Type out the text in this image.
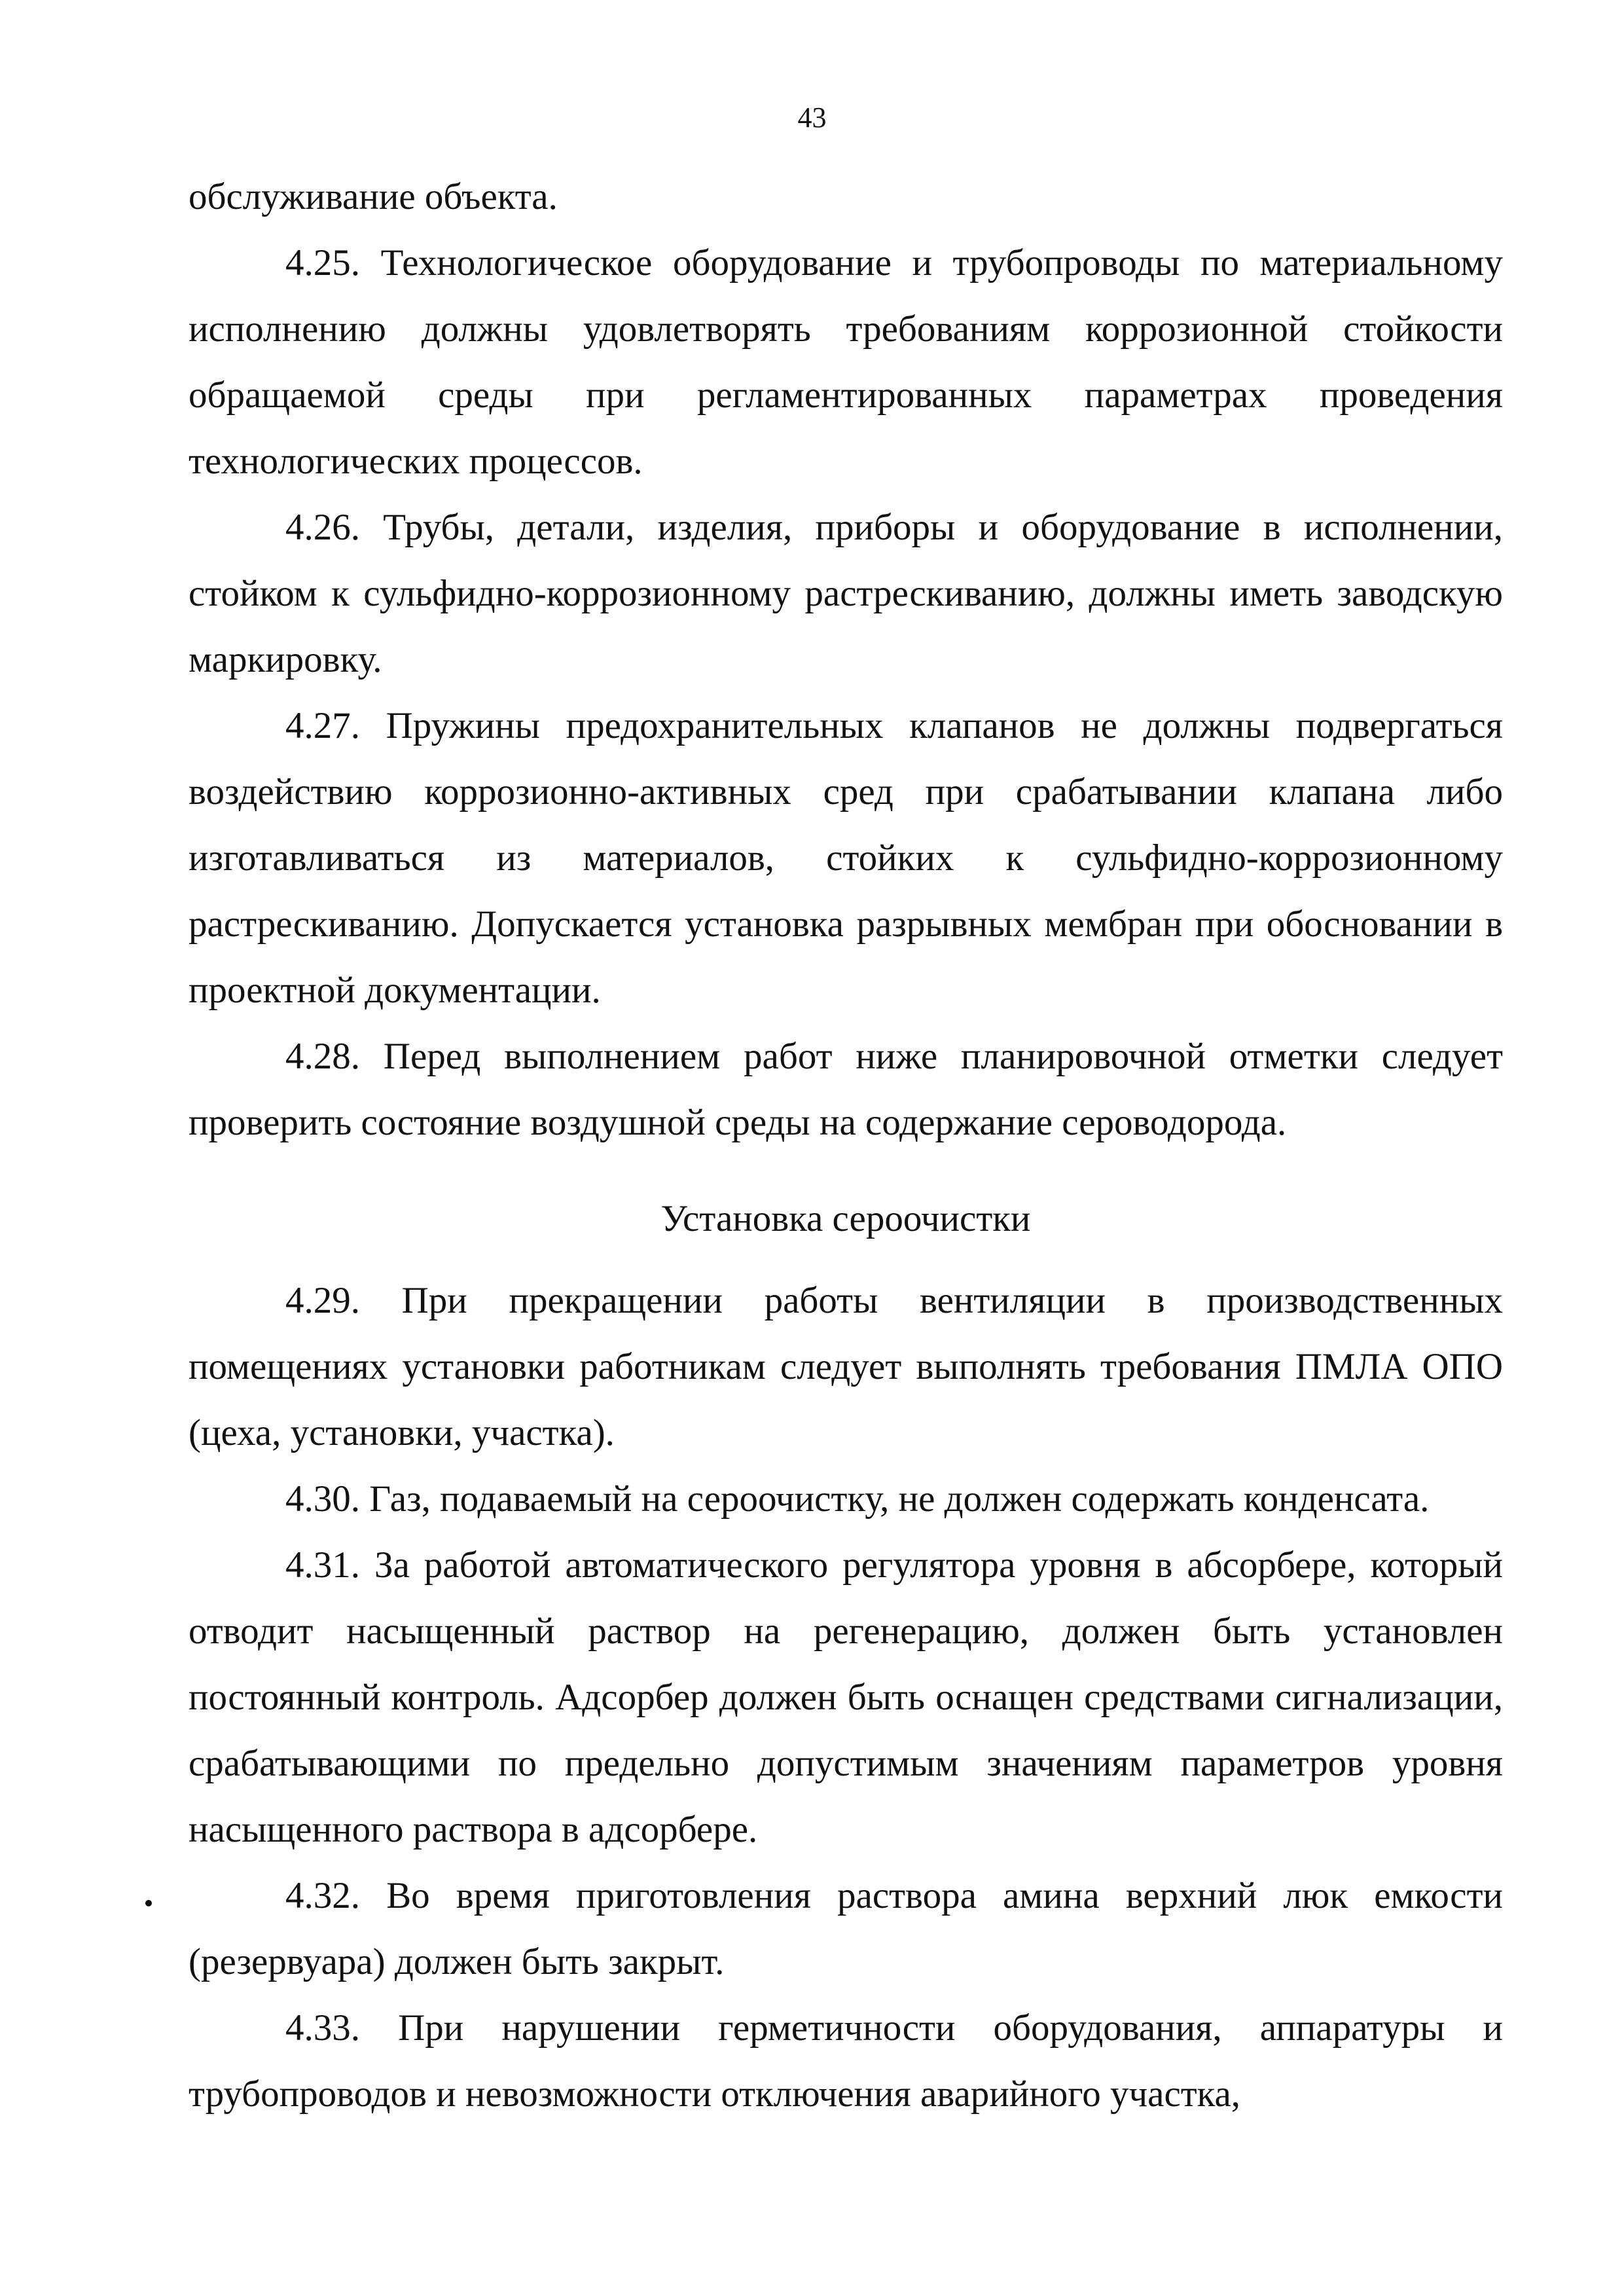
43

обслуживание объекта.

4.25. Технологическое оборудование и трубопроводы по материальному исполнению должны удовлетворять требованиям коррозионной стойкости обращаемой среды при регламентированных параметрах проведения технологических процессов.

4.26. Трубы, детали, изделия, приборы и оборудование в исполнении, стойком к сульфидно-коррозионному растрескиванию, должны иметь заводскую маркировку.

4.27. Пружины предохранительных клапанов не должны подвергаться воздействию коррозионно-активных сред при срабатывании клапана либо изготавливаться из материалов, стойких к сульфидно-коррозионному растрескиванию. Допускается установка разрывных мембран при обосновании в проектной документации.

4.28. Перед выполнением работ ниже планировочной отметки следует проверить состояние воздушной среды на содержание сероводорода.

Установка сероочистки

4.29. При прекращении работы вентиляции в производственных помещениях установки работникам следует выполнять требования ПМЛА ОПО (цеха, установки, участка).

4.30. Газ, подаваемый на сероочистку, не должен содержать конденсата.

4.31. За работой автоматического регулятора уровня в абсорбере, который отводит насыщенный раствор на регенерацию, должен быть установлен постоянный контроль. Адсорбер должен быть оснащен средствами сигнализации, срабатывающими по предельно допустимым значениям параметров уровня насыщенного раствора в адсорбере.

4.32. Во время приготовления раствора амина верхний люк емкости (резервуара) должен быть закрыт.

4.33. При нарушении герметичности оборудования, аппаратуры и трубопроводов и невозможности отключения аварийного участка,
